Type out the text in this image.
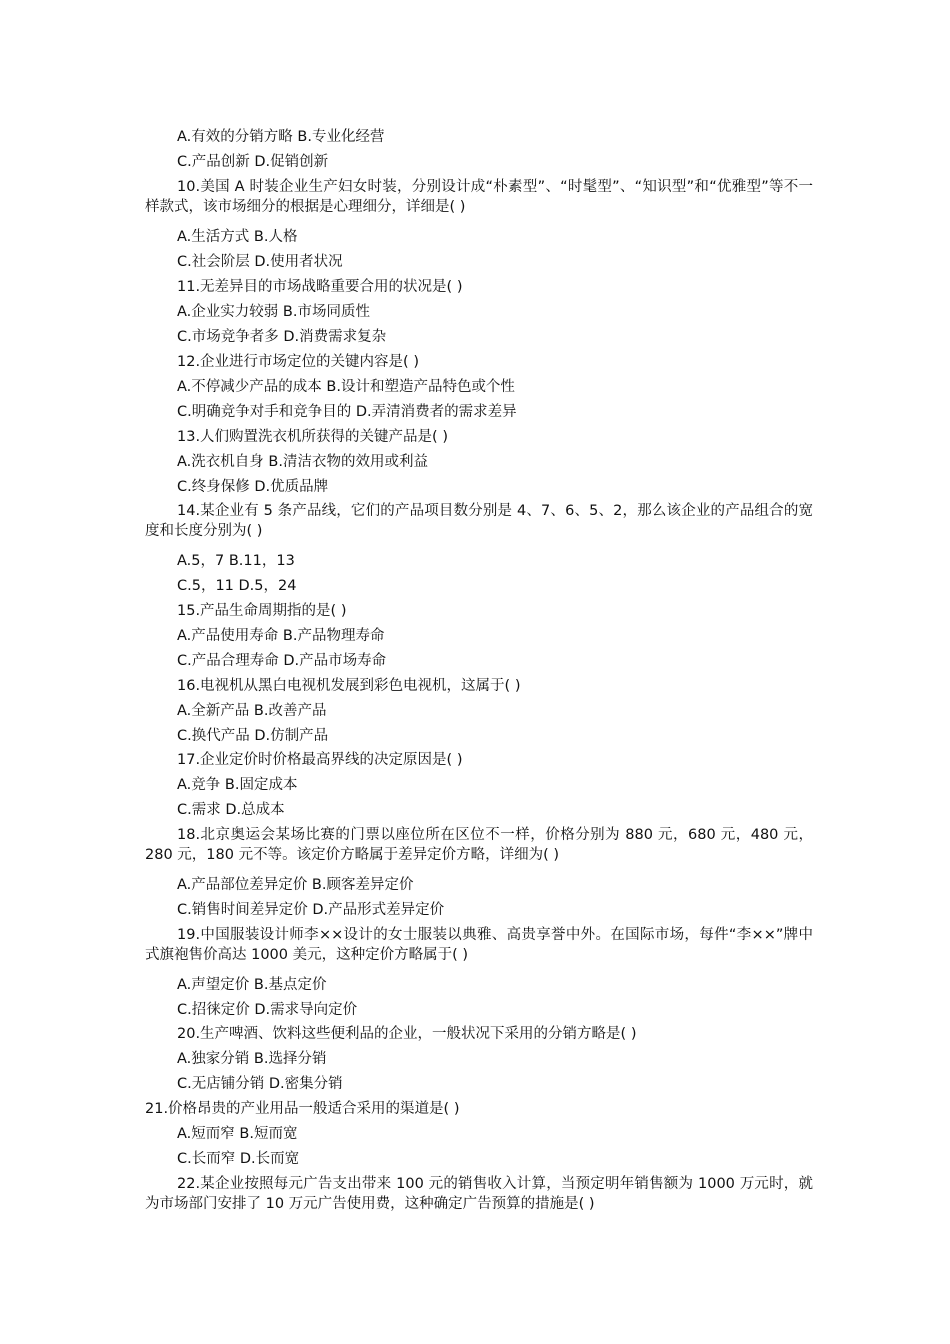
A.有效的分销方略 B.专业化经营
C.产品创新 D.促销创新
10.美国 A 时装企业生产妇女时装，分别设计成“朴素型”、“时髦型”、“知识型”和“优雅型”等不一样款式，该市场细分的根据是心理细分，详细是( )
A.生活方式 B.人格
C.社会阶层 D.使用者状况
11.无差异目的市场战略重要合用的状况是( )
A.企业实力较弱 B.市场同质性
C.市场竞争者多 D.消费需求复杂
12.企业进行市场定位的关键内容是( )
A.不停减少产品的成本 B.设计和塑造产品特色或个性
C.明确竞争对手和竞争目的 D.弄清消费者的需求差异
13.人们购置洗衣机所获得的关键产品是( )
A.洗衣机自身 B.清洁衣物的效用或利益
C.终身保修 D.优质品牌
14.某企业有 5 条产品线，它们的产品项目数分别是 4、7、6、5、2，那么该企业的产品组合的宽度和长度分别为( )
A.5，7 B.11，13
C.5，11 D.5，24
15.产品生命周期指的是( )
A.产品使用寿命 B.产品物理寿命
C.产品合理寿命 D.产品市场寿命
16.电视机从黑白电视机发展到彩色电视机，这属于( )
A.全新产品 B.改善产品
C.换代产品 D.仿制产品
17.企业定价时价格最高界线的决定原因是( )
A.竞争 B.固定成本
C.需求 D.总成本
18.北京奥运会某场比赛的门票以座位所在区位不一样，价格分别为 880 元，680 元，480 元，280 元，180 元不等。该定价方略属于差异定价方略，详细为( )
A.产品部位差异定价 B.顾客差异定价
C.销售时间差异定价 D.产品形式差异定价
19.中国服装设计师李××设计的女士服装以典雅、高贵享誉中外。在国际市场，每件“李××”牌中式旗袍售价高达 1000 美元，这种定价方略属于( )
A.声望定价 B.基点定价
C.招徕定价 D.需求导向定价
20.生产啤酒、饮料这些便利品的企业，一般状况下采用的分销方略是( )
A.独家分销 B.选择分销
C.无店铺分销 D.密集分销
21.价格昂贵的产业用品一般适合采用的渠道是( )
A.短而窄 B.短而宽
C.长而窄 D.长而宽
22.某企业按照每元广告支出带来 100 元的销售收入计算，当预定明年销售额为 1000 万元时，就为市场部门安排了 10 万元广告使用费，这种确定广告预算的措施是( )
